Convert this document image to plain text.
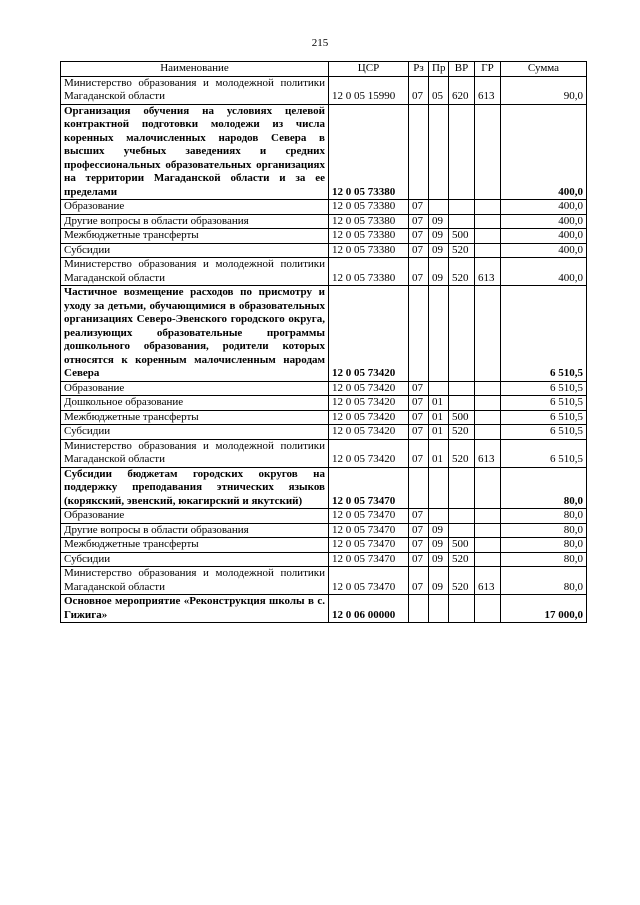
215
Наименование	ЦСР	Рз	Пр	ВР	ГР	Сумма
Министерство образования и молодежной политики Магаданской области	12 0 05 15990	07	05	620	613	90,0
Организация обучения на условиях целевой контрактной подготовки молодежи из числа коренных малочисленных народов Севера в высших учебных заведениях и средних профессиональных образовательных организациях на территории Магаданской области и за ее пределами	12 0 05 73380					400,0
Образование	12 0 05 73380	07				400,0
Другие вопросы в области образования	12 0 05 73380	07	09			400,0
Межбюджетные трансферты	12 0 05 73380	07	09	500		400,0
Субсидии	12 0 05 73380	07	09	520		400,0
Министерство образования и молодежной политики Магаданской области	12 0 05 73380	07	09	520	613	400,0
Частичное возмещение расходов по присмотру и уходу за детьми, обучающимися в образовательных организациях Северо-Эвенского городского округа, реализующих образовательные программы дошкольного образования, родители которых относятся к коренным малочисленным народам Севера	12 0 05 73420					6 510,5
Образование	12 0 05 73420	07				6 510,5
Дошкольное образование	12 0 05 73420	07	01			6 510,5
Межбюджетные трансферты	12 0 05 73420	07	01	500		6 510,5
Субсидии	12 0 05 73420	07	01	520		6 510,5
Министерство образования и молодежной политики Магаданской области	12 0 05 73420	07	01	520	613	6 510,5
Субсидии бюджетам городских округов на поддержку преподавания этнических языков (корякский, эвенский, юкагирский и якутский)	12 0 05 73470					80,0
Образование	12 0 05 73470	07				80,0
Другие вопросы в области образования	12 0 05 73470	07	09			80,0
Межбюджетные трансферты	12 0 05 73470	07	09	500		80,0
Субсидии	12 0 05 73470	07	09	520		80,0
Министерство образования и молодежной политики Магаданской области	12 0 05 73470	07	09	520	613	80,0
Основное мероприятие «Реконструкция школы в с. Гижига»	12 0 06 00000					17 000,0
